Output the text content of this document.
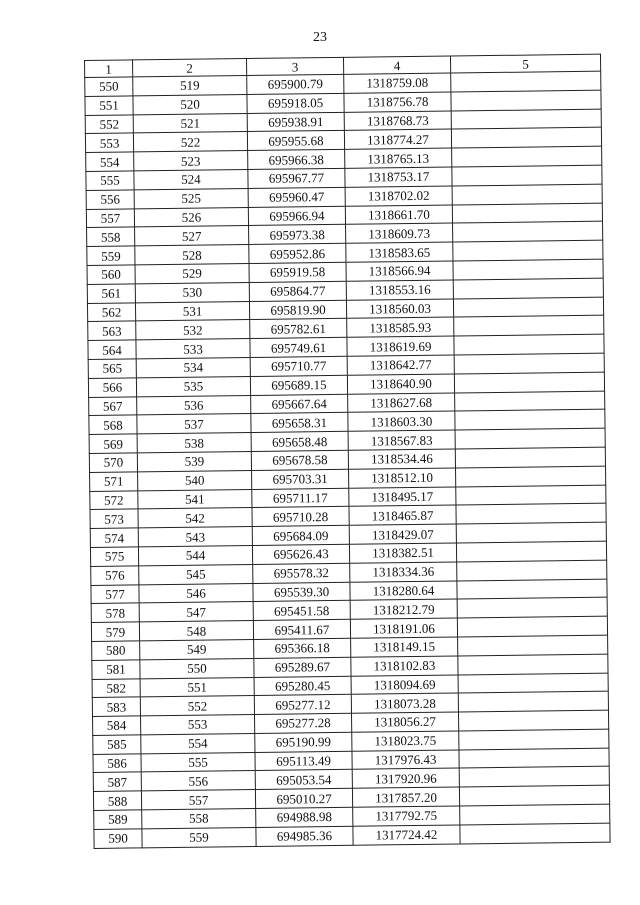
23
1	2	3	4	5
550	519	695900.79	1318759.08	
551	520	695918.05	1318756.78	
552	521	695938.91	1318768.73	
553	522	695955.68	1318774.27	
554	523	695966.38	1318765.13	
555	524	695967.77	1318753.17	
556	525	695960.47	1318702.02	
557	526	695966.94	1318661.70	
558	527	695973.38	1318609.73	
559	528	695952.86	1318583.65	
560	529	695919.58	1318566.94	
561	530	695864.77	1318553.16	
562	531	695819.90	1318560.03	
563	532	695782.61	1318585.93	
564	533	695749.61	1318619.69	
565	534	695710.77	1318642.77	
566	535	695689.15	1318640.90	
567	536	695667.64	1318627.68	
568	537	695658.31	1318603.30	
569	538	695658.48	1318567.83	
570	539	695678.58	1318534.46	
571	540	695703.31	1318512.10	
572	541	695711.17	1318495.17	
573	542	695710.28	1318465.87	
574	543	695684.09	1318429.07	
575	544	695626.43	1318382.51	
576	545	695578.32	1318334.36	
577	546	695539.30	1318280.64	
578	547	695451.58	1318212.79	
579	548	695411.67	1318191.06	
580	549	695366.18	1318149.15	
581	550	695289.67	1318102.83	
582	551	695280.45	1318094.69	
583	552	695277.12	1318073.28	
584	553	695277.28	1318056.27	
585	554	695190.99	1318023.75	
586	555	695113.49	1317976.43	
587	556	695053.54	1317920.96	
588	557	695010.27	1317857.20	
589	558	694988.98	1317792.75	
590	559	694985.36	1317724.42	
